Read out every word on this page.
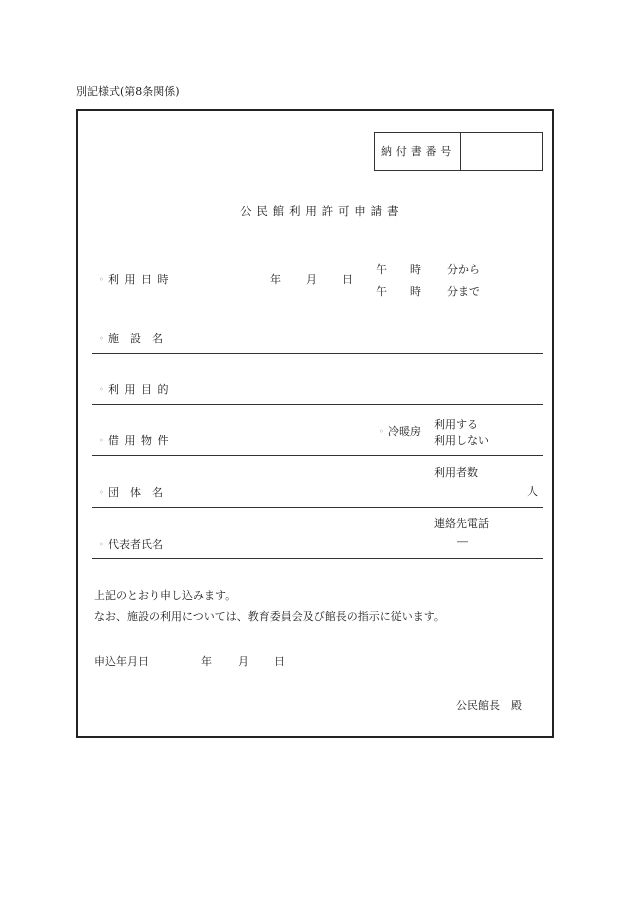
別記様式(第8条関係)
納付書番号
公民館利用許可申請書
◦ 利用日時	年 月 日
午 時 分から
午 時 分まで
◦ 施　設　名
◦ 利用目的
◦ 借用物件
◦ 冷暖房
利用する
利用しない
◦ 団　体　名
利用者数
人
◦ 代表者氏名
連絡先電話
―
上記のとおり申し込みます。
なお、施設の利用については、教育委員会及び館長の指示に従います。
申込年月日	年 月 日
公民館長　殿
